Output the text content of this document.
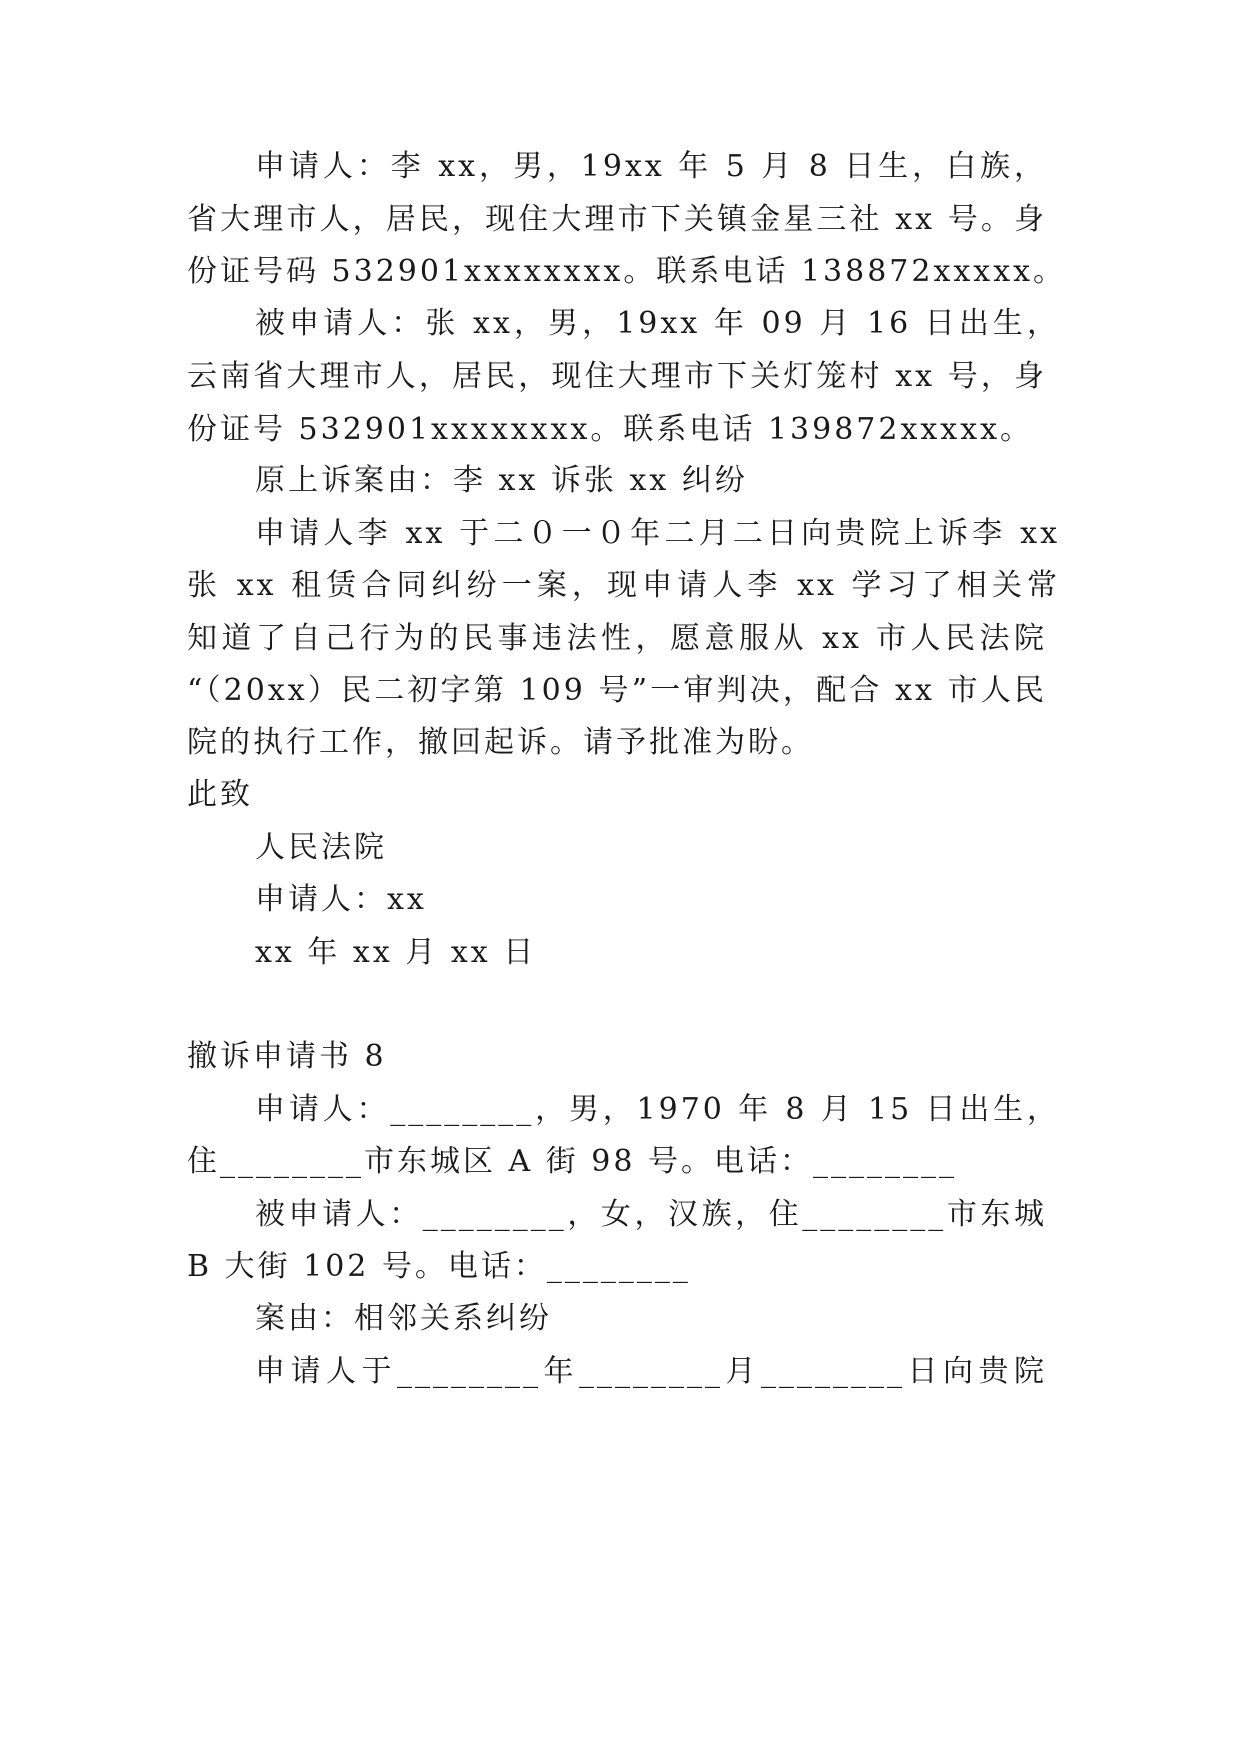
申请人：李 xx，男，19xx 年 5 月 8 日生，白族，
省大理市人，居民，现住大理市下关镇金星三社 xx 号。身
份证号码 532901xxxxxxxx。联系电话 138872xxxxx。
被申请人：张 xx，男，19xx 年 09 月 16 日出生，
云南省大理市人，居民，现住大理市下关灯笼村 xx 号，身
份证号 532901xxxxxxxx。联系电话 139872xxxxx。
原上诉案由：李 xx 诉张 xx 纠纷
申请人李 xx 于二０一０年二月二日向贵院上诉李 xx
张 xx 租赁合同纠纷一案，现申请人李 xx 学习了相关常
知道了自己行为的民事违法性，愿意服从 xx 市人民法院
“（20xx）民二初字第 109 号”一审判决，配合 xx 市人民
院的执行工作，撤回起诉。请予批准为盼。
此致
人民法院
申请人：xx
xx 年 xx 月 xx 日
撤诉申请书 8
申请人：________，男，1970 年 8 月 15 日出生，
住________市东城区 A 街 98 号。电话：________
被申请人：________，女，汉族，住________市东城
B 大街 102 号。电话：________
案由：相邻关系纠纷
申请人于________年________月________日向贵院
